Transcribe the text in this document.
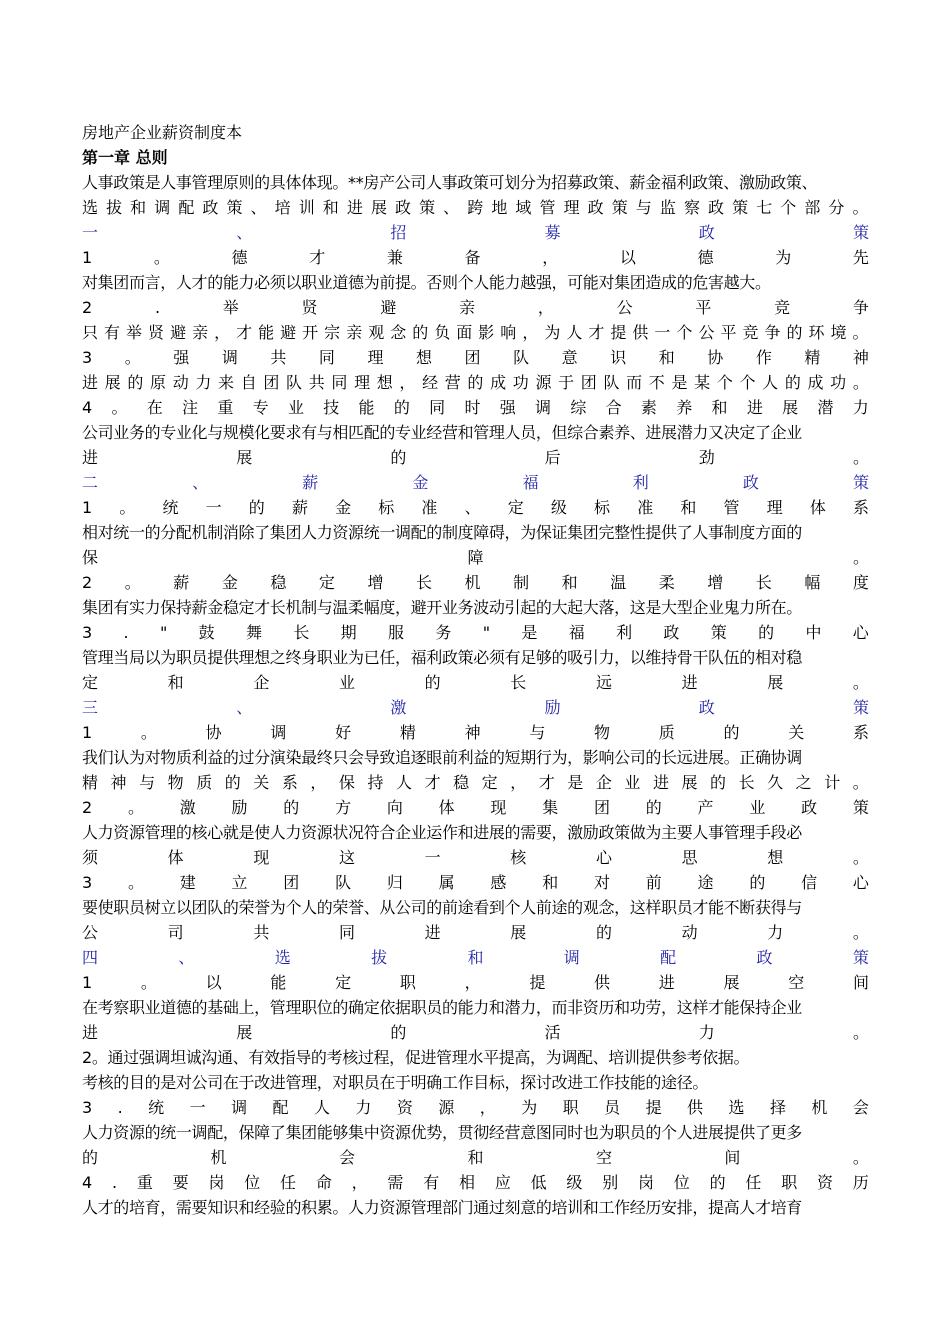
房地产企业薪资制度本
第一章 总则
人事政策是人事管理原则的具体体现。**房产公司人事政策可划分为招募政策、薪金福利政策、激励政策、
选 拔 和 调 配 政 策 、 培 训 和 进 展 政 策 、 跨 地 域 管 理 政 策 与 监 察 政 策 七 个 部 分 。
一	、	招	募	政	策
1	。	德	才	兼	备	，	以	德	为	先
对集团而言，人才的能力必须以职业道德为前提。否则个人能力越强，可能对集团造成的危害越大。
2	.	举	贤	避	亲	，	公	平	竞	争
只 有 举 贤 避 亲 ， 才 能 避 开 宗 亲 观 念 的 负 面 影 响 ， 为 人 才 提 供 一 个 公 平 竞 争 的 环 境 。
3 。 强 调 共 同 理 想 团 队 意 识 和 协 作 精 神
进 展 的 原 动 力 来 自 团 队 共 同 理 想 ， 经 营 的 成 功 源 于 团 队 而 不 是 某 个 个 人 的 成 功 。
4 。 在 注 重 专 业 技 能 的 同 时 强 调 综 合 素 养 和 进 展 潜 力
公司业务的专业化与规模化要求有与相匹配的专业经营和管理人员，但综合素养、进展潜力又决定了企业
进	展	的	后	劲	。
二	、	薪	金	福	利	政	策
1 。 统 一 的 薪 金 标 准 、 定 级 标 准 和 管 理 体 系
相对统一的分配机制消除了集团人力资源统一调配的制度障碍，为保证集团完整性提供了人事制度方面的
保	障	。
2 。 薪 金 稳 定 增 长 机 制 和 温 柔 增 长 幅 度
集团有实力保持薪金稳定才长机制与温柔幅度，避开业务波动引起的大起大落，这是大型企业鬼力所在。
3 . " 鼓 舞 长 期 服 务 " 是 福 利 政 策 的 中 心
管理当局以为职员提供理想之终身职业为已任，福利政策必须有足够的吸引力，以维持骨干队伍的相对稳
定	和	企	业	的	长	远	进	展	。
三	、	激	励	政	策
1	。	协	调	好	精	神	与	物	质	的	关	系
我们认为对物质利益的过分演染最终只会导致追逐眼前利益的短期行为，影响公司的长远进展。正确协调
精 神 与 物 质 的 关 系 ， 保 持 人 才 稳 定 ， 才 是 企 业 进 展 的 长 久 之 计 。
2 。 激 励 的 方 向 体 现 集 团 的 产 业 政 策
人力资源管理的核心就是使人力资源状况符合企业运作和进展的需要，激励政策做为主要人事管理手段必
须	体	现	这	一	核	心	思	想	。
3 。 建 立 团 队 归 属 感 和 对 前 途 的 信 心
要使职员树立以团队的荣誉为个人的荣誉、从公司的前途看到个人前途的观念，这样职员才能不断获得与
公	司	共	同	进	展	的	动	力	。
四	、	选	拔	和	调	配	政	策
1	。	以	能	定	职	，	提	供	进	展	空	间
在考察职业道德的基础上，管理职位的确定依据职员的能力和潜力，而非资历和功劳，这样才能保持企业
进	展	的	活	力	。
2。通过强调坦诚沟通、有效指导的考核过程，促进管理水平提高，为调配、培训提供参考依据。
考核的目的是对公司在于改进管理，对职员在于明确工作目标，探讨改进工作技能的途径。
3 . 统 一 调 配 人 力 资 源 ， 为 职 员 提 供 选 择 机 会
人力资源的统一调配，保障了集团能够集中资源优势，贯彻经营意图同时也为职员的个人进展提供了更多
的	机	会	和	空	间	。
4 . 重 要 岗 位 任 命 ， 需 有 相 应 低 级 别 岗 位 的 任 职 资 历
人才的培育，需要知识和经验的积累。人力资源管理部门通过刻意的培训和工作经历安排，提高人才培育
